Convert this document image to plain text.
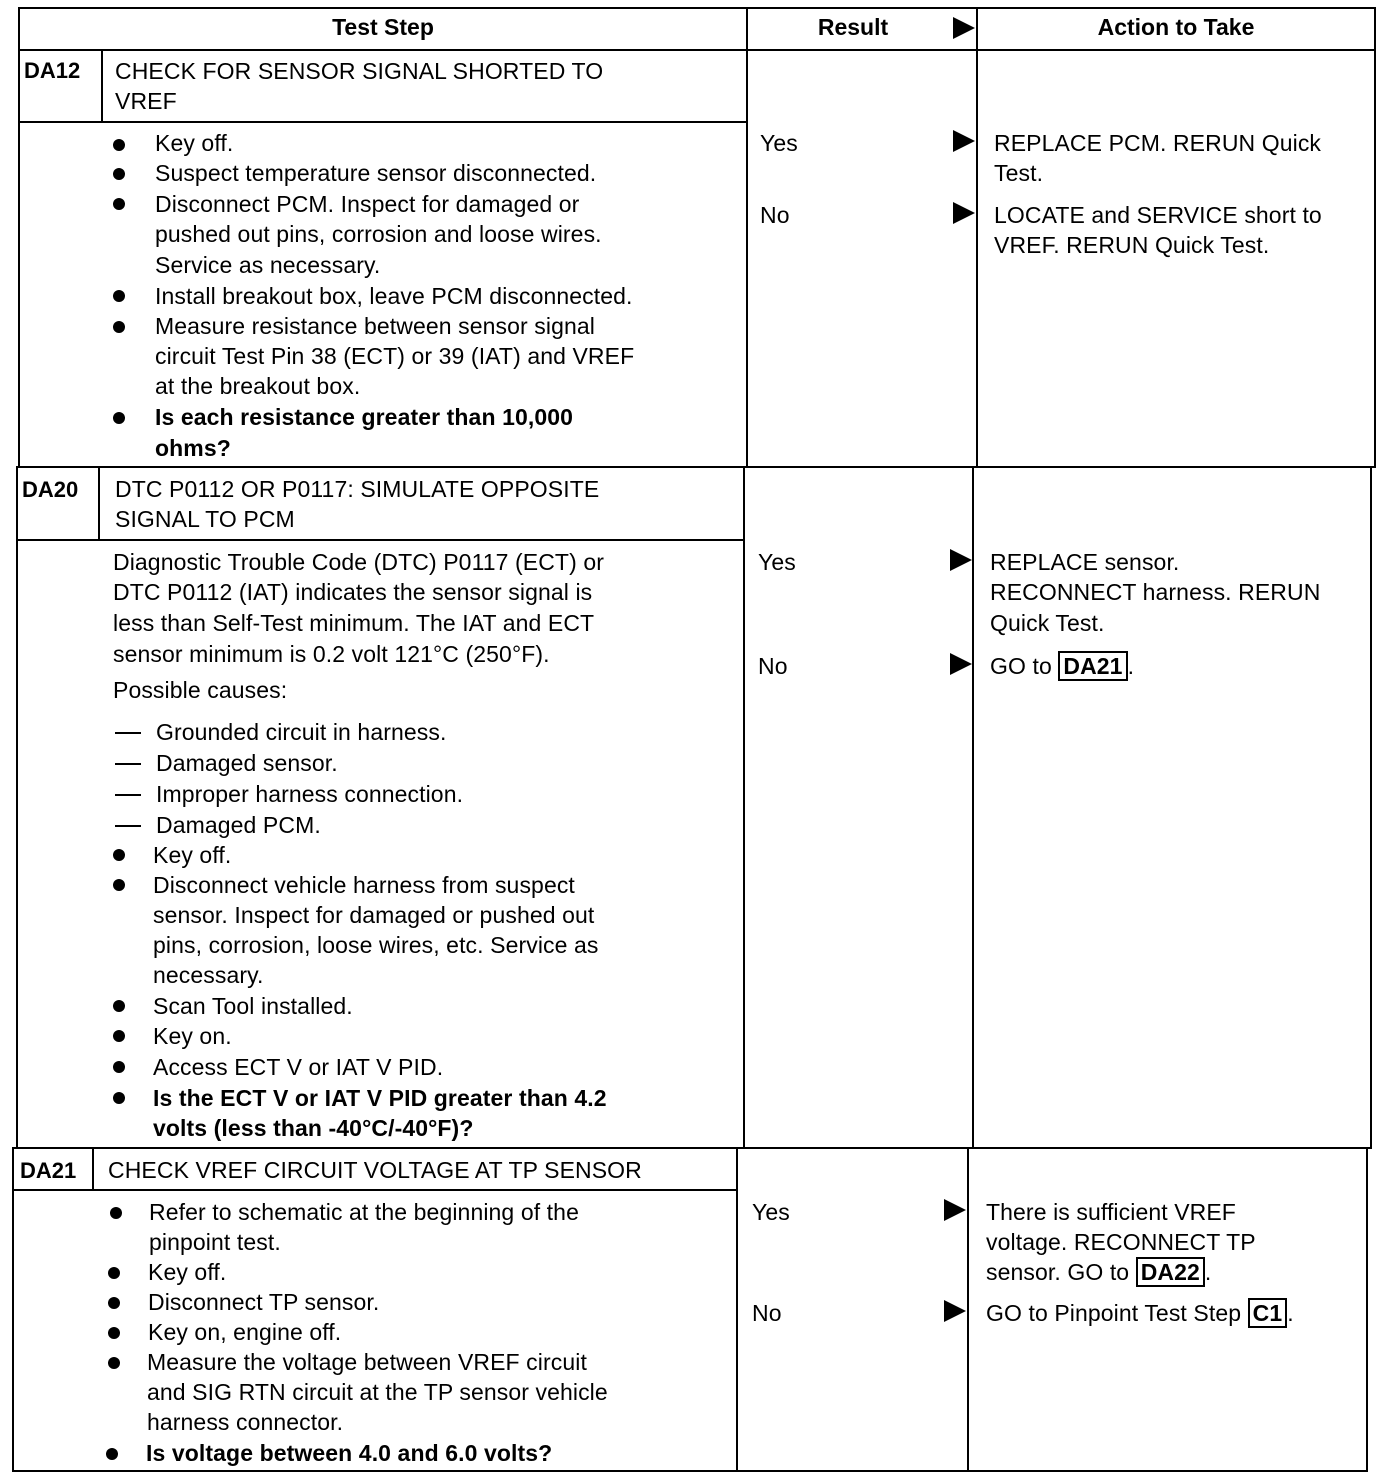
Test Step	Result	Action to Take
DA12 CHECK FOR SENSOR SIGNAL SHORTED TO
VREF
Key off.
Suspect temperature sensor disconnected.
Disconnect PCM. Inspect for damaged or
pushed out pins, corrosion and loose wires.
Service as necessary.
Install breakout box, leave PCM disconnected.
Measure resistance between sensor signal
circuit Test Pin 38 (ECT) or 39 (IAT) and VREF
at the breakout box.
Is each resistance greater than 10,000
ohms?
Yes
No
REPLACE PCM. RERUN Quick
Test.
LOCATE and SERVICE short to
VREF. RERUN Quick Test.
DA20 DTC P0112 OR P0117: SIMULATE OPPOSITE
SIGNAL TO PCM
Diagnostic Trouble Code (DTC) P0117 (ECT) or
DTC P0112 (IAT) indicates the sensor signal is
less than Self-Test minimum. The IAT and ECT
sensor minimum is 0.2 volt 121°C (250°F).
Possible causes:
Grounded circuit in harness.
Damaged sensor.
Improper harness connection.
Damaged PCM.
Key off.
Disconnect vehicle harness from suspect
sensor. Inspect for damaged or pushed out
pins, corrosion, loose wires, etc. Service as
necessary.
Scan Tool installed.
Key on.
Access ECT V or IAT V PID.
Is the ECT V or IAT V PID greater than 4.2
volts (less than -40°C/-40°F)?
Yes
No
REPLACE sensor.
RECONNECT harness. RERUN
Quick Test.
GO to DA21 .
DA21 CHECK VREF CIRCUIT VOLTAGE AT TP SENSOR
Refer to schematic at the beginning of the
pinpoint test.
Key off.
Disconnect TP sensor.
Key on, engine off.
Measure the voltage between VREF circuit
and SIG RTN circuit at the TP sensor vehicle
harness connector.
Is voltage between 4.0 and 6.0 volts?
Yes
No
There is sufficient VREF
voltage. RECONNECT TP
sensor. GO to DA22 .
GO to Pinpoint Test Step C1 .
